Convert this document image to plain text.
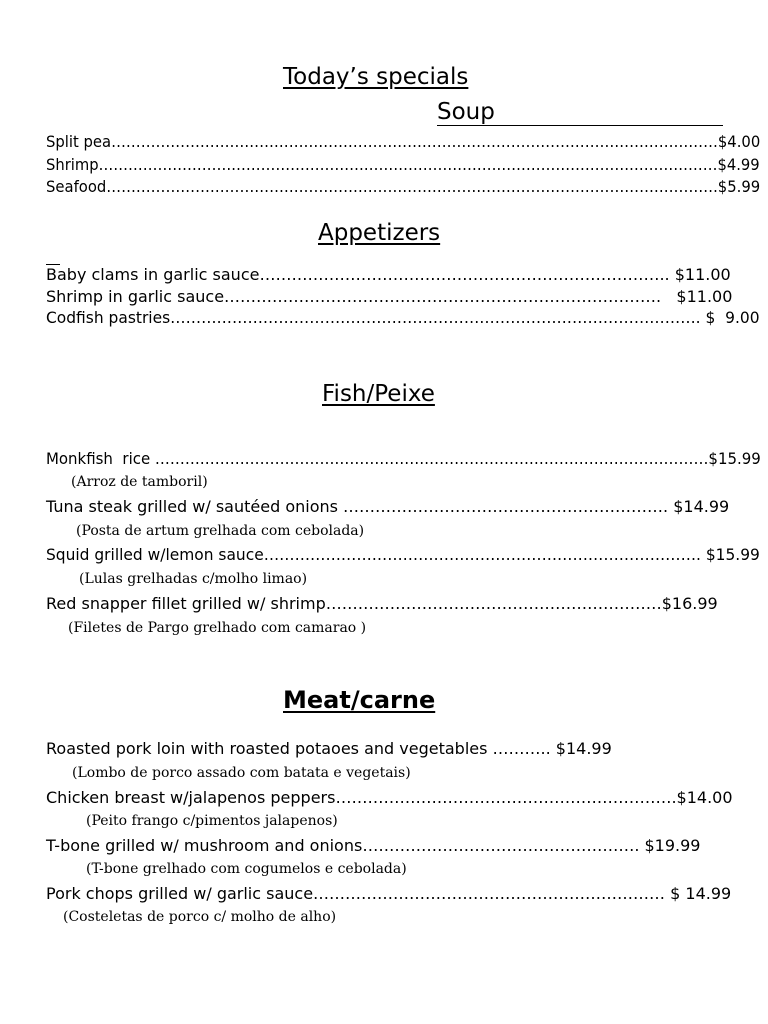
Today’s specials
Soup
Split pea……………………………………………………………………………………………………………$4.00
Shrimp………………………………………………………………………………………………………………$4.99
Seafood…………………………………………………………………………………………………………….$5.99
Appetizers
Baby clams in garlic sauce………………………………………………………………….. $11.00
Shrimp in garlic sauce……………………………………………………………………….   $11.00
Codfish pastries…………………………………………………………………………………………. $  9.00
Fish/Peixe
Monkfish  rice …………………………………………………………………………………………………$15.99
(Arroz de tamboril)
Tuna steak grilled w/ sautéed onions ……………………………………………………. $14.99
(Posta de artum grelhada com cebolada)
Squid grilled w/lemon sauce…………………………………………………………………………. $15.99
(Lulas grelhadas c/molho limao)
Red snapper fillet grilled w/ shrimp………………………………………………………$16.99
(Filetes de Pargo grelhado com camarao )
Meat/carne
Roasted pork loin with roasted potaoes and vegetables ……….. $14.99
(Lombo de porco assado com batata e vegetais)
Chicken breast w/jalapenos peppers……………………………………………………….$14.00
(Peito frango c/pimentos jalapenos)
T-bone grilled w/ mushroom and onions……………………………………………. $19.99
(T-bone grelhado com cogumelos e cebolada)
Pork chops grilled w/ garlic sauce………………………………………………………… $ 14.99
(Costeletas de porco c/ molho de alho)
